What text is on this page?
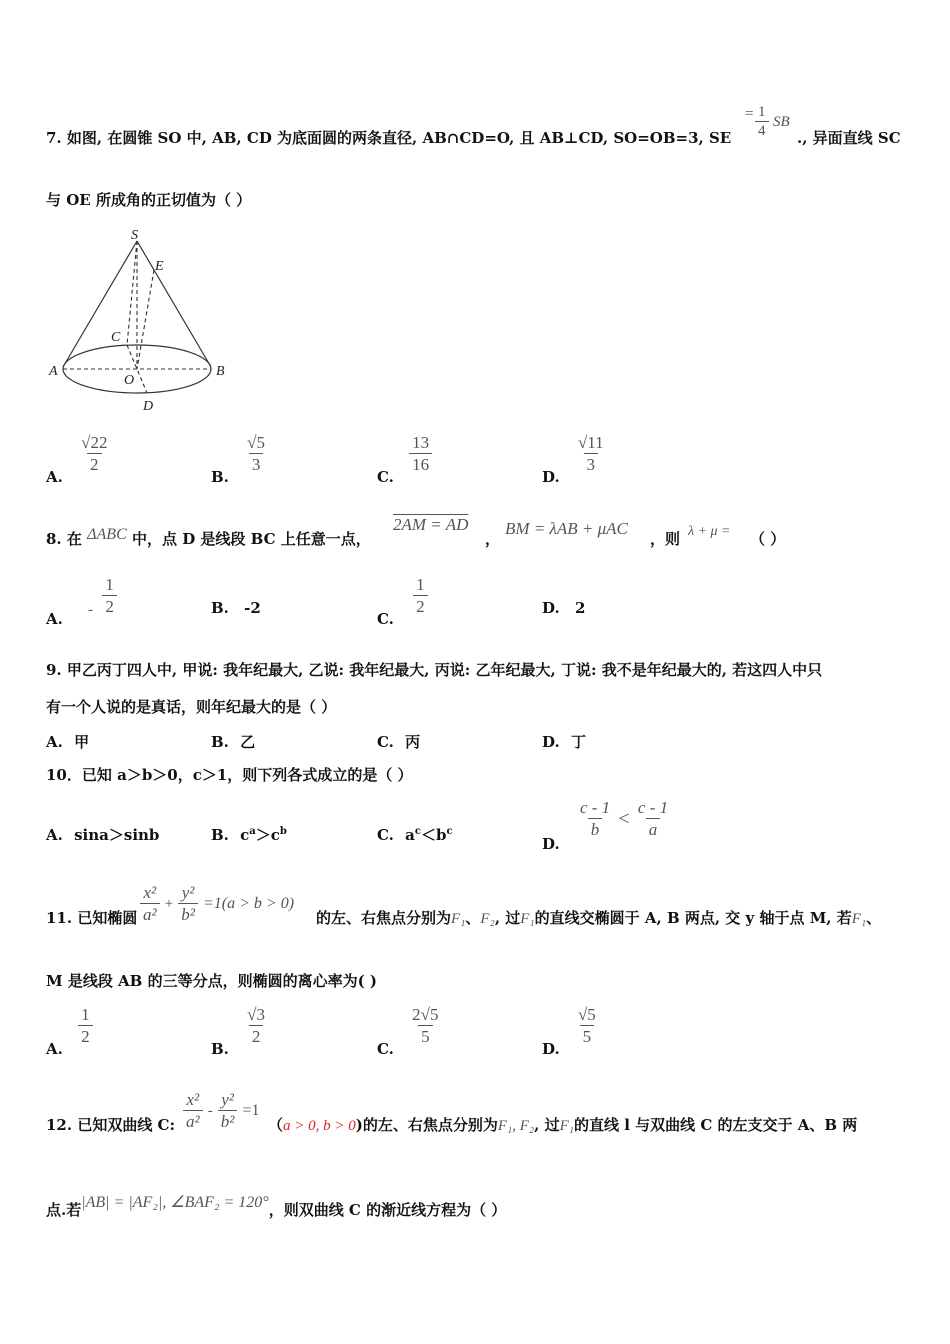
7. 如图, 在圆锥 SO 中, AB, CD 为底面圆的两条直径, AB∩CD=O, 且 AB⊥CD, SO=OB=3, SE
= $\frac{1}{4}$ SB
., 异面直线 SC
与 OE 所成角的正切值为（ ）
S
E
C
A
O
B
D
A.
$\frac{√22}{2}$
B.
$\frac{√5}{3}$
C.
$\frac{13}{16}$
D.
$\frac{√11}{3}$
8. 在 ΔABC 中，点 D 是线段 BC 上任意一点，
2AM = AD
，
BM = λAB + μAC
，则 λ + μ = （ ）
A. - $\frac{1}{2}$	B. -2
C.
$\frac{1}{2}$	D. 2
9. 甲乙丙丁四人中, 甲说: 我年纪最大, 乙说: 我年纪最大, 丙说: 乙年纪最大, 丁说: 我不是年纪最大的, 若这四人中只
有一个人说的是真话，则年纪最大的是（ ）
A. 甲	B. 乙	C. 丙	D. 丁
10．已知 a＞b＞0，c＞1，则下列各式成立的是（ ）
A. sina＞sinb	B. $c^a>c^b$	C. $a^c<b^c$
D.
$\frac{c - 1}{b} < \frac{c - 1}{a}$
11. 已知椭圆 $\frac{\text{x²}}{\text{a²}} + \frac{\text{y²}}{\text{b²}} =1(a > b > 0)$
的左、右焦点分别为F₁、F₂, 过F₁的直线交椭圆于 A, B 两点, 交 y 轴于点 M, 若F₁、
M 是线段 AB 的三等分点，则椭圆的离心率为( )
A.
$\frac{1}{2}$
B.
$\frac{√3}{2}$
C.
$\frac{2√5}{5}$
D.
$\frac{√5}{5}$
12. 已知双曲线 C: $\frac{\text{x²}}{\text{a²}} - \frac{\text{y²}}{\text{b²}} =1$
（a > 0, b > 0)的左、右焦点分别为F₁, F₂, 过F₁的直线 l 与双曲线 C 的左支交于 A、B 两
点.若|AB| = |AF₂|, ∠BAF₂ = 120°，则双曲线 C 的渐近线方程为（ ）
